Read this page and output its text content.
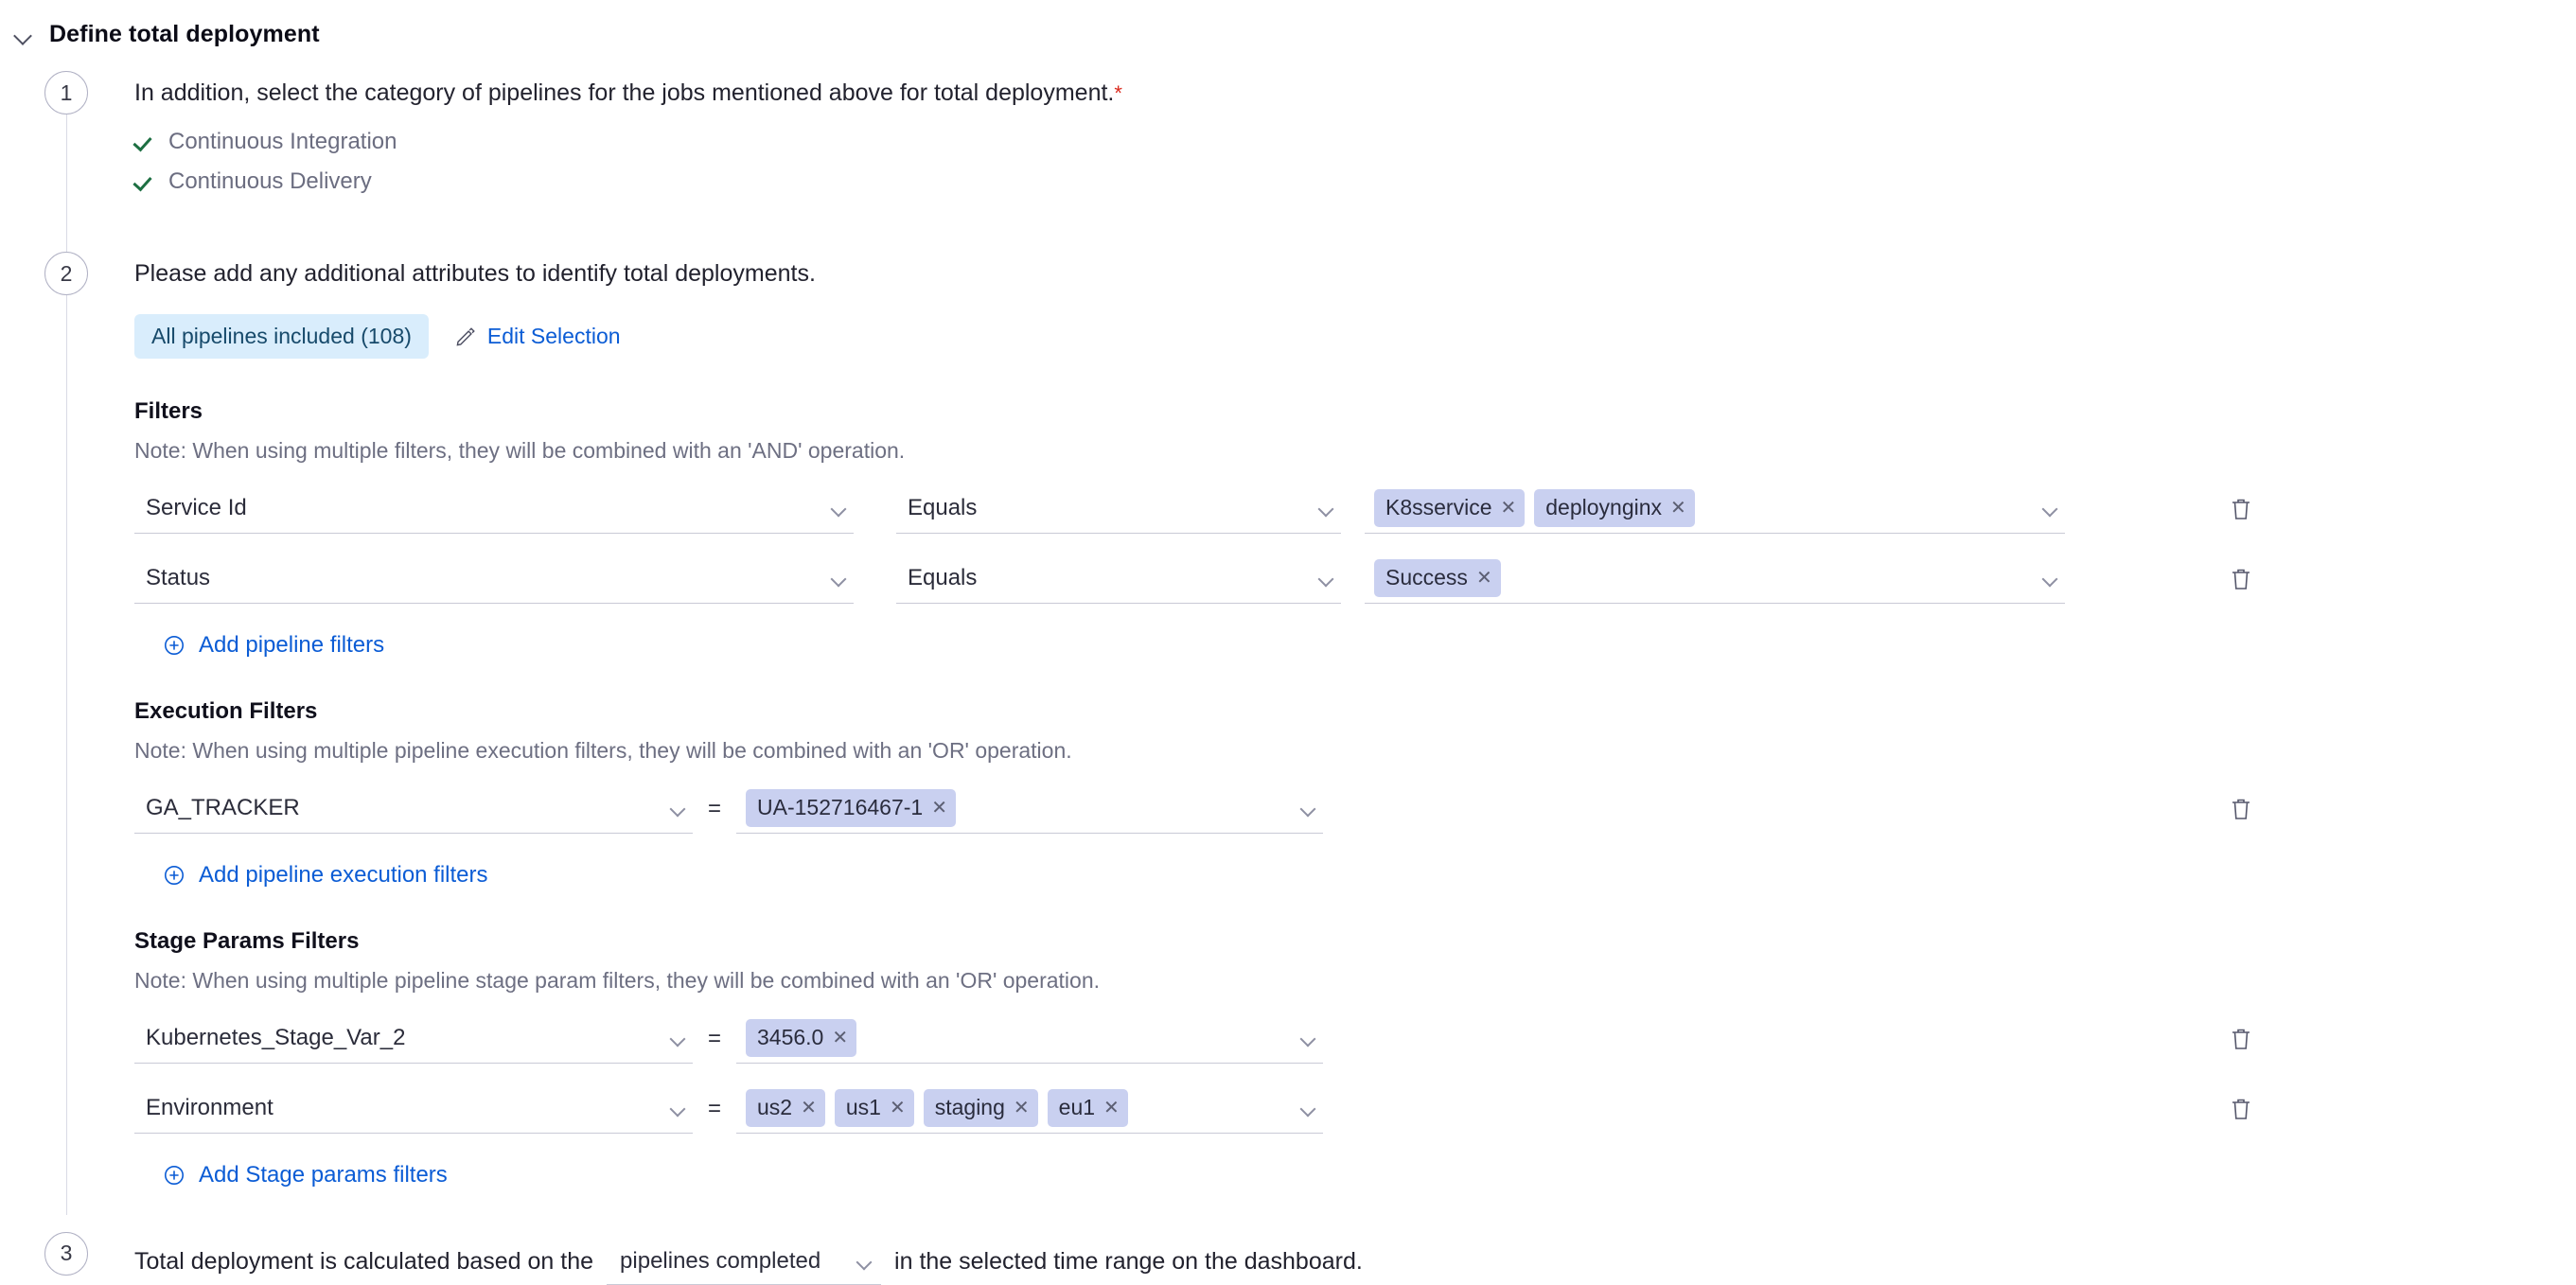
Define total deployment
1	In addition, select the category of pipelines for the jobs mentioned above for total deployment.*
Continuous Integration
Continuous Delivery
2	Please add any additional attributes to identify total deployments.
All pipelines included (108)	Edit Selection
Filters
Note: When using multiple filters, they will be combined with an 'AND' operation.
Service Id	Equals	K8sservice ✕ deploynginx ✕
Status	Equals	Success ✕
Add pipeline filters
Execution Filters
Note: When using multiple pipeline execution filters, they will be combined with an 'OR' operation.
GA_TRACKER	=	UA-152716467-1 ✕
Add pipeline execution filters
Stage Params Filters
Note: When using multiple pipeline stage param filters, they will be combined with an 'OR' operation.
Kubernetes_Stage_Var_2	=	3456.0 ✕
Environment	=	us2 ✕ us1 ✕ staging ✕ eu1 ✕
Add Stage params filters
3	Total deployment is calculated based on the pipelines completed	in the selected time range on the dashboard.
